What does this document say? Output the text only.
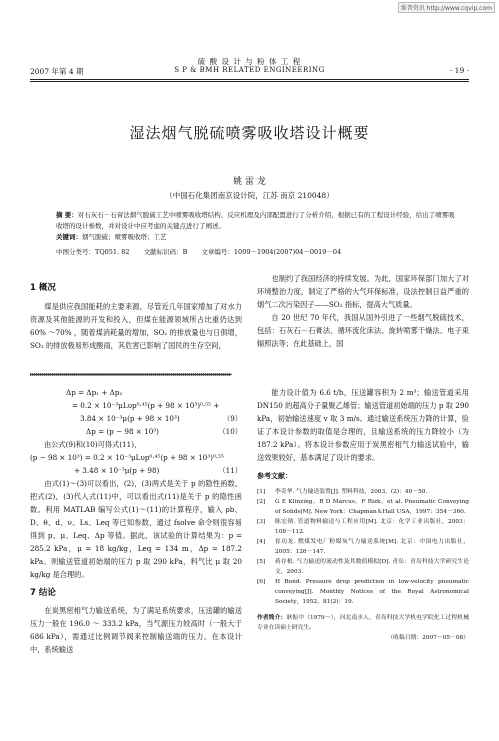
维普资讯 http://www.cqvip.com
硫 酸 设 计 与 粉 体 工 程
2007 年第 4 期	S P & BMH RELATED ENGINEERING	· 19 ·
湿法烟气脱硫喷雾吸收塔设计概要
姚 雷 龙
（中国石化集团南京设计院，江苏 南京 210048）
摘 要：对石灰石－石膏法烟气脱硫工艺中喷雾吸收塔结构、反应机理及内部配置进行了分析介绍，根据已有的工程设计经验，给出了喷雾吸收塔的设计参数，并对设计中应考虑的关键点进行了阐述。
关键词：烟气脱硫；喷雾吸收塔；工艺
中图分类号：TQ051. 82 文献标识码：B 文章编号：1009－1904(2007)04－0019－04
1 概况

煤是供应我国能耗的主要来源，尽管近几年国家增加了对水力资源及其他能源的开发和投入，但煤在能源领域所占比重仍达到 60% ～70% ，随着煤消耗量的增加，SO₂ 的排放量也与日俱增，SO₂ 的排放极易形成酸雨，其危害已影响了国民的生存空间，

也制约了我国经济的持续发展。为此，国家环保部门加大了对环境整治力度，制定了严格的大气环保标准，设法控制日益严重的烟气二次污染因子——SO₂ 指标，提高大气质量。

自 20 世纪 70 年代，我国从国外引进了一些烟气脱硫技术，包括：石灰石－石膏法、循环流化床法、旋转喷雾干燥法、电子束辐照法等；在此基础上，国

▸▸▸▸▸▸▸▸▸▸▸▸▸▸▸▸▸▸▸▸▸▸▸▸▸▸▸▸▸▸▸▸▸▸▸▸▸▸▸▸▸▸▸▸▸▸▸▸▸▸▸▸▸▸▸▸▸▸▸▸▸▸▸▸▸▸▸▸▸▸▸▸▸▸▸▸▸▸▸▸▸▸▸▸▸▸▸▸▸▸▸▸▸▸▸▸▸▸▸▸
Δp = Δp₁ + Δp₂
= 0.2 × 10⁻³μLυp⁰·⁴⁵(p + 98 × 10³)⁰·⁵⁵ +
3.84 × 10⁻³μ(p + 98 × 10³)	（9）
Δp = (p − 98 × 10³)	（10）
由公式(9)和(10)可得式(11)，
(p − 98 × 10³) = 0.2 × 10⁻³μLυp⁰·⁴⁵(p + 98 × 10³)⁰·⁵⁵
+ 3.48 × 10⁻³μ(p + 98)	（11）

由式(1)～(3)可以看出，(2)，(3)两式是关于 p 的隐性函数。把式(2)，(3)代入式(11)中，可以看出式(11)是关于 p 的隐性函数。利用 MATLAB 编写公式(1)～(11)的计算程序，输入 ρb、D、θ、d、ν、Ls、Leq 等已知参数，通过 fsolve 命令则很容易得到 p、μ、Leq、Δp 等值。据此，该试验的计算结果为：p = 285.2 kPa，μ = 18 kg/kg，Leq = 134 m，Δp = 187.2 kPa。则输送管道初始端的压力 p 取 290 kPa，料气比 μ 取 20 kg/kg 是合理的。

7 结论

在炭黑密相气力输送系统，为了满足系统要求，压送罐的输送压力一般在 196.0 ～ 333.2 kPa，当气源压力较高时（一般大于 686 kPa），需通过比例调节阀来控制输送端的压力。在本设计中，系统输送

能力设计值为 6.6 t/h，压送罐容积为 2 m³；输送管道采用 DN150 的超高分子量聚乙烯管；输送管道初始端的压力 p 取 290 kPa，初始输送速度 v 取 3 m/s。通过输送系统压力降的计算，验证了本设计参数的取值是合理的，且输送系统的压力降较小（为 187.2 kPa）。将本设计参数应用于炭黑密相气力输送试验中，输送效果较好，基本满足了设计的要求。

参考文献：
[1]	李奇华. 气力输送装置[J]. 塑料科技，2003，(2)：40－50.
[2]	G E Klinzing，R D Marcus，F Rizk，et al. Pneumatic Conveying of Solids[M]. New York：Chapman＆Hall USA，1997：354－360.
[3]	陈宏勋. 管道物料输送与工程应用[M]. 北京：化学工业出版社，2003：108－112.
[4]	崔功龙. 燃煤发电厂粉煤灰气力输送系统[M]. 北京：中国电力出版社，2005：126－147.
[5]	蒋存根. 气力输送的流动性及其数值模拟[D]. 青岛：青岛科技大学研究生论文，2003.
[6]	H Bond. Pressure drop prediction in low-velocity pneumatic conveying[J]. Monthly Notices of the Royal Astronomical Society，1952，81(2)：19.
作者简介：耿振中（1979～），河北南水人，青岛科技大学机电学院化工过程机械专业在读硕士研究生。
（收稿日期：2007－05－08）
